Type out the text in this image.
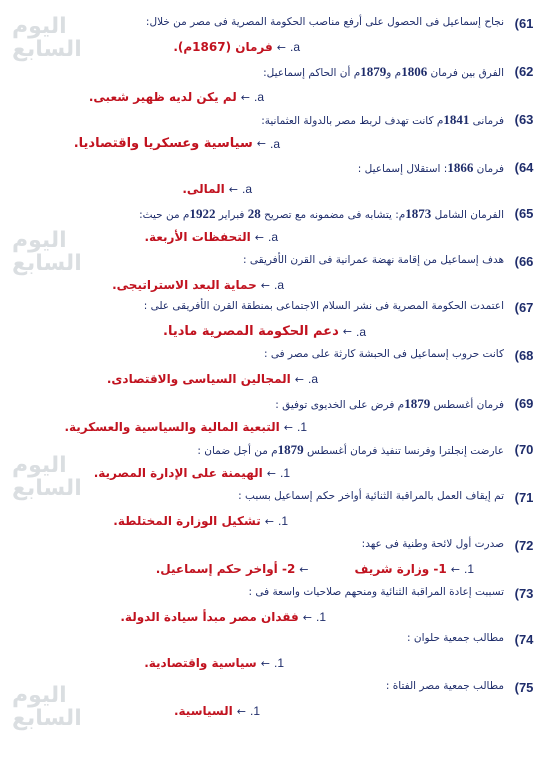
اليوم
السابع
اليوم
السابع
اليوم
السابع
اليوم
السابع
61)
نجاح إسماعيل فى الحصول على أرفع مناصب الحكومة المصرية فى مصر من خلال:
a.
←
فرمان (1867م).
62)
الفرق بين فرمان 1806م و1879م أن الحاكم إسماعيل:
a.
←
لم يكن لديه ظهير شعبى.
63)
فرمانى 1841م كانت تهدف لربط مصر بالدولة العثمانية:
a.
←
سياسية وعسكريا واقتصاديا.
64)
فرمان 1866: استقلال إسماعيل :
a.
←
المالى.
65)
الفرمان الشامل 1873م: يتشابه فى مضمونه مع تصريح 28 فبراير 1922م من حيث:
a.
←
التحفظات الأربعة.
66)
هدف إسماعيل من إقامة نهضة عمرانية فى القرن الأفريقى :
a.
←
حماية البعد الاستراتيجى.
67)
اعتمدت الحكومة المصرية فى نشر السلام الاجتماعى بمنطقة القرن الأفريقى على :
a.
←
دعم الحكومة المصرية ماديا.
68)
كانت حروب إسماعيل فى الحبشة كارثة على مصر فى :
a.
←
المجالين السياسى والاقتصادى.
69)
فرمان أغسطس 1879م فرض على الخديوى توفيق :
1.
←
التبعية المالية والسياسية والعسكرية.
70)
عارضت إنجلترا وفرنسا تنفيذ فرمان أغسطس 1879م من أجل ضمان :
1.
←
الهيمنة على الإدارة المصرية.
71)
تم إيقاف العمل بالمراقبة الثنائية أواخر حكم إسماعيل بسبب :
1.
←
تشكيل الوزارة المختلطة.
72)
صدرت أول لائحة وطنية فى عهد:
1.
←
1- وزارة شريف
←
2- أواخر حكم إسماعيل.
73)
تسببت إعادة المراقبة الثنائية ومنحهم صلاحيات واسعة فى :
1.
←
فقدان مصر مبدأ سيادة الدولة.
74)
مطالب جمعية حلوان :
1.
←
سياسية واقتصادية.
75)
مطالب جمعية مصر الفتاة :
1.
←
السياسية.
